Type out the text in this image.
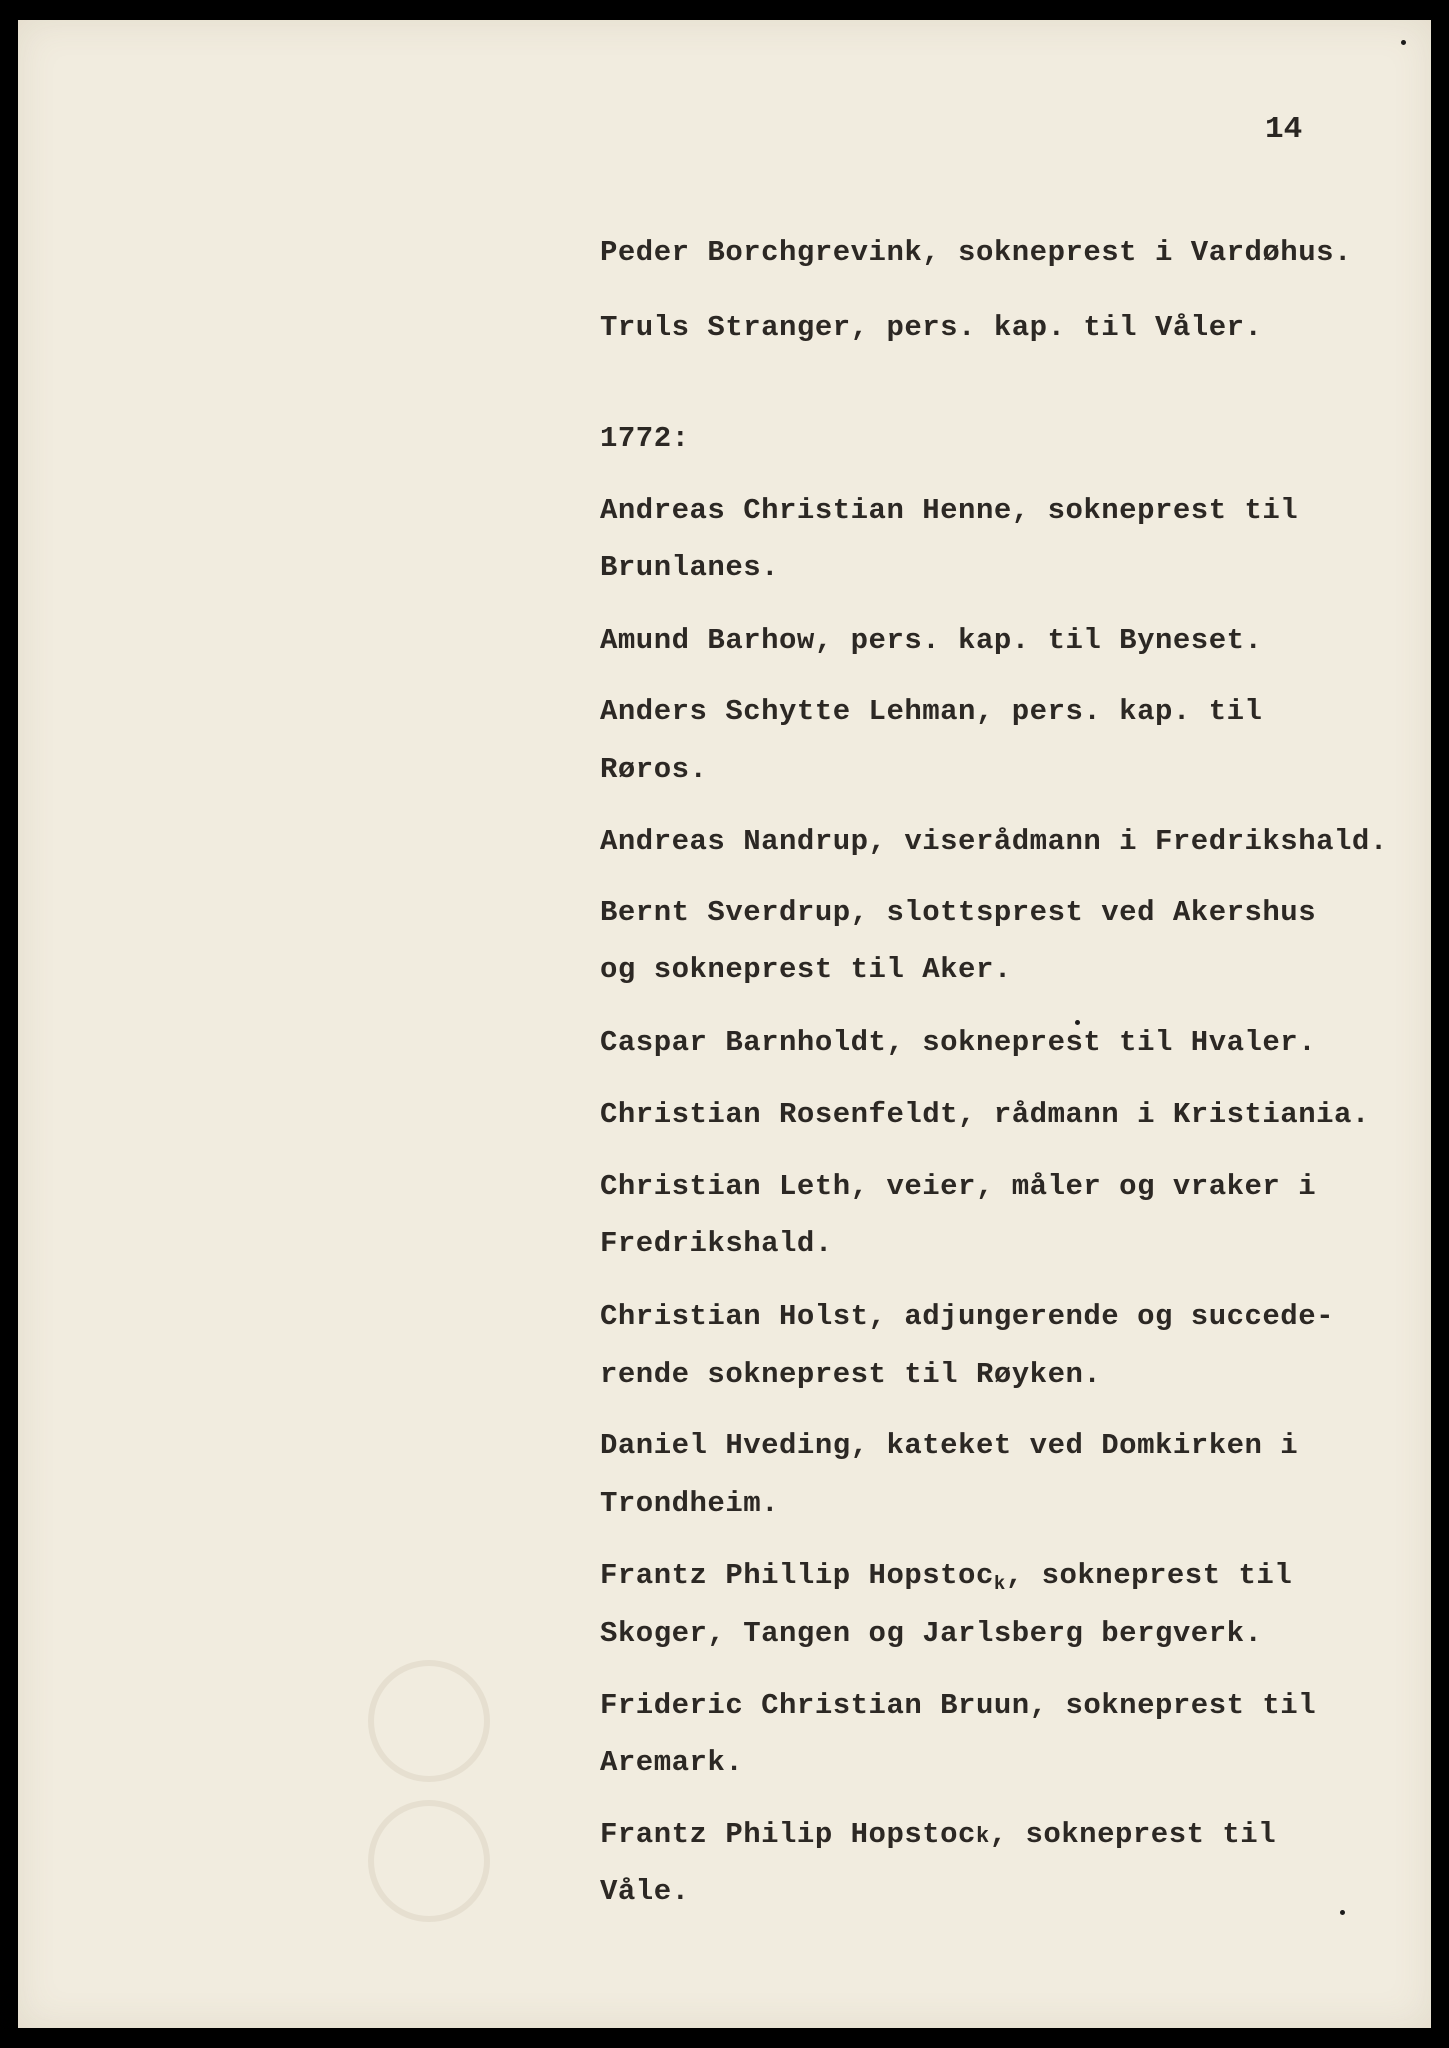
14
Peder Borchgrevink, sokneprest i Vardøhus.
Truls Stranger, pers. kap. til Våler.
1772:
Andreas Christian Henne, sokneprest til
Brunlanes.
Amund Barhow, pers. kap. til Byneset.
Anders Schytte Lehman, pers. kap. til
Røros.
Andreas Nandrup, viserådmann i Fredrikshald.
Bernt Sverdrup, slottsprest ved Akershus
og sokneprest til Aker.
Caspar Barnholdt, sokneprest til Hvaler.
Christian Rosenfeldt, rådmann i Kristiania.
Christian Leth, veier, måler og vraker i
Fredrikshald.
Christian Holst, adjungerende og succede-
rende sokneprest til Røyken.
Daniel Hveding, kateket ved Domkirken i
Trondheim.
Frantz Phillip Hopstoc$_k$, sokneprest til
Skoger, Tangen og Jarlsberg bergverk.
Frideric Christian Bruun, sokneprest til
Aremark.
Frantz Philip Hopstock, sokneprest til
Våle.
